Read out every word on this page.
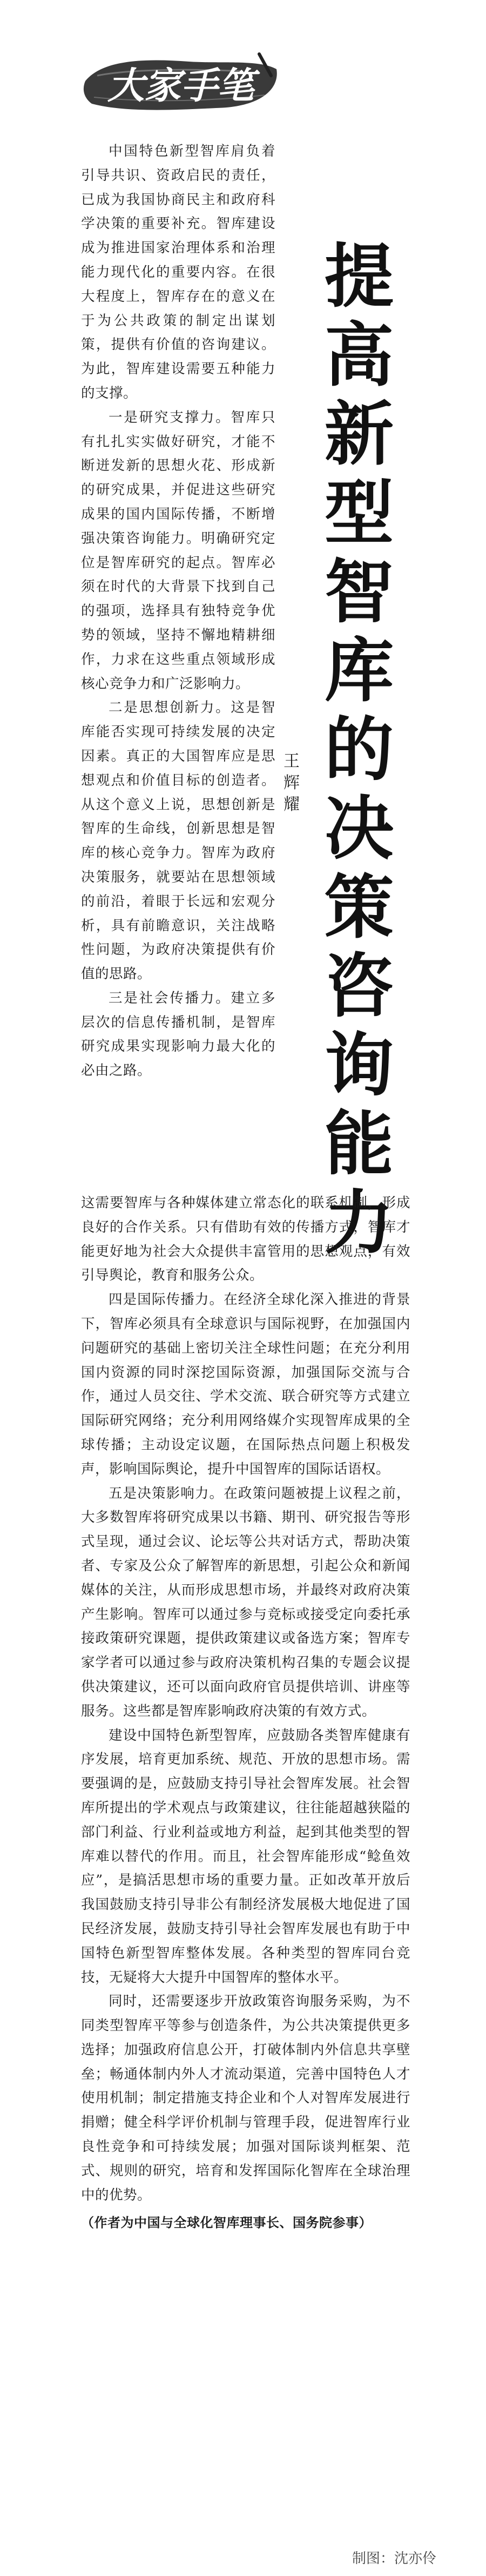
大家手笔
提
高
新
型
智
库
的
决
策
咨
询
能
力
王
辉
耀

中国特色新型智库肩负着引导共识、资政启民的责任，已成为我国协商民主和政府科学决策的重要补充。智库建设成为推进国家治理体系和治理能力现代化的重要内容。在很大程度上，智库存在的意义在于为公共政策的制定出谋划策，提供有价值的咨询建议。为此，智库建设需要五种能力的支撑。

一是研究支撑力。智库只有扎扎实实做好研究，才能不断迸发新的思想火花、形成新的研究成果，并促进这些研究成果的国内国际传播，不断增强决策咨询能力。明确研究定位是智库研究的起点。智库必须在时代的大背景下找到自己的强项，选择具有独特竞争优势的领域，坚持不懈地精耕细作，力求在这些重点领域形成核心竞争力和广泛影响力。

二是思想创新力。这是智库能否实现可持续发展的决定因素。真正的大国智库应是思想观点和价值目标的创造者。从这个意义上说，思想创新是智库的生命线，创新思想是智库的核心竞争力。智库为政府决策服务，就要站在思想领域的前沿，着眼于长远和宏观分析，具有前瞻意识，关注战略性问题，为政府决策提供有价值的思路。

三是社会传播力。建立多层次的信息传播机制，是智库研究成果实现影响力最大化的必由之路。

这需要智库与各种媒体建立常态化的联系机制，形成良好的合作关系。只有借助有效的传播方式，智库才能更好地为社会大众提供丰富管用的思想观点，有效引导舆论，教育和服务公众。

四是国际传播力。在经济全球化深入推进的背景下，智库必须具有全球意识与国际视野，在加强国内问题研究的基础上密切关注全球性问题；在充分利用国内资源的同时深挖国际资源，加强国际交流与合作，通过人员交往、学术交流、联合研究等方式建立国际研究网络；充分利用网络媒介实现智库成果的全球传播；主动设定议题，在国际热点问题上积极发声，影响国际舆论，提升中国智库的国际话语权。

五是决策影响力。在政策问题被提上议程之前，大多数智库将研究成果以书籍、期刊、研究报告等形式呈现，通过会议、论坛等公共对话方式，帮助决策者、专家及公众了解智库的新思想，引起公众和新闻媒体的关注，从而形成思想市场，并最终对政府决策产生影响。智库可以通过参与竞标或接受定向委托承接政策研究课题，提供政策建议或备选方案；智库专家学者可以通过参与政府决策机构召集的专题会议提供决策建议，还可以面向政府官员提供培训、讲座等服务。这些都是智库影响政府决策的有效方式。

建设中国特色新型智库，应鼓励各类智库健康有序发展，培育更加系统、规范、开放的思想市场。需要强调的是，应鼓励支持引导社会智库发展。社会智库所提出的学术观点与政策建议，往往能超越狭隘的部门利益、行业利益或地方利益，起到其他类型的智库难以替代的作用。而且，社会智库能形成“鲶鱼效应”，是搞活思想市场的重要力量。正如改革开放后我国鼓励支持引导非公有制经济发展极大地促进了国民经济发展，鼓励支持引导社会智库发展也有助于中国特色新型智库整体发展。各种类型的智库同台竞技，无疑将大大提升中国智库的整体水平。

同时，还需要逐步开放政策咨询服务采购，为不同类型智库平等参与创造条件，为公共决策提供更多选择；加强政府信息公开，打破体制内外信息共享壁垒；畅通体制内外人才流动渠道，完善中国特色人才使用机制；制定措施支持企业和个人对智库发展进行捐赠；健全科学评价机制与管理手段，促进智库行业良性竞争和可持续发展；加强对国际谈判框架、范式、规则的研究，培育和发挥国际化智库在全球治理中的优势。

（作者为中国与全球化智库理事长、国务院参事）

制图：沈亦伶
